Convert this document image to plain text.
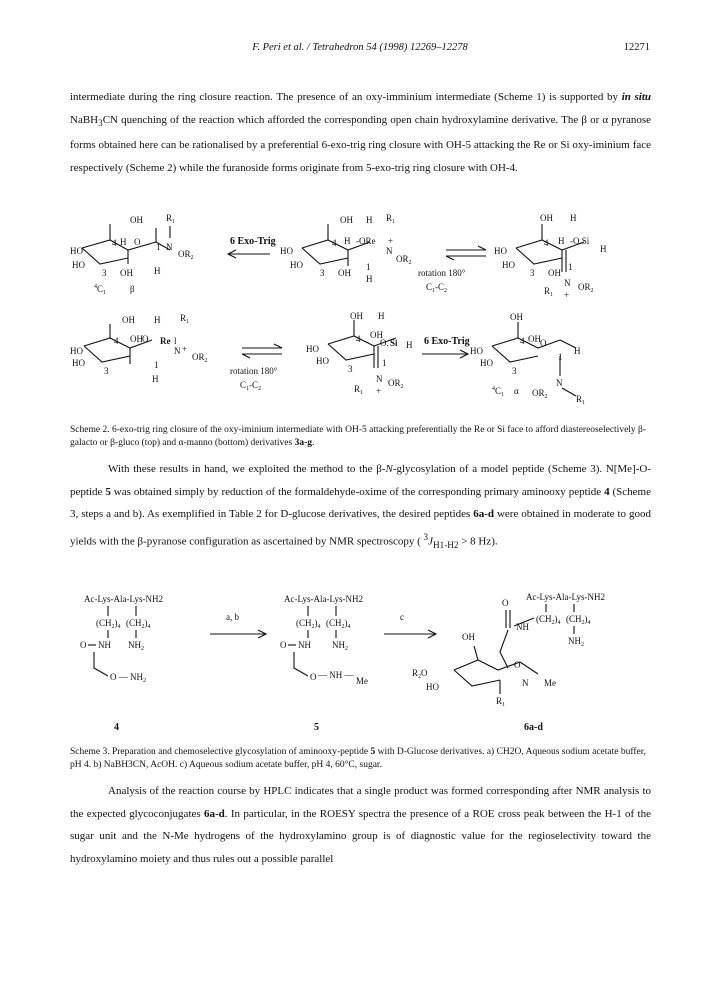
F. Peri et al. / Tetrahedron 54 (1998) 12269–12278	12271

intermediate during the ring closure reaction. The presence of an oxy-imminium intermediate (Scheme 1) is supported by in situ NaBH$_3$CN quenching of the reaction which afforded the corresponding open chain hydroxylamine derivative. The β or α pyranose forms obtained here can be rationalised by a preferential 6-exo-trig ring closure with OH-5 attacking the Re or Si oxy-iminium face respectively (Scheme 2) while the furanoside forms originate from 5-exo-trig ring closure with OH-4.

OH
4 H O
$R_1$
N
1
$OR_2$
HO
HO
3 OH H
$^4C_1$	β
6 Exo-Trig
OH H $R_1$
4 H -ORe +
N
$OR_2$
HO
HO
3 OH
1
H
rotation 180°
$C_1-C_2$
OH H
4 H -O.Si
H
HO
HO
3 OH
1
N $OR_2$
$R_1$ +
OH H $R_1$
4 OH O Re l
N +
$OR_2$
HO
HO
3
1
H
rotation 180°
$C_1-C_2$
OH H
4 OH
O. Si H
HO
HO
3
1
N $OR_2$
$R_1$ +
6 Exo-Trig
OH
4 OH O
H
1
HO
HO
3
$^4C_1$ α $OR_2$
N
$R_1$

Scheme 2. 6-exo-trig ring closure of the oxy-iminium intermediate with OH-5 attacking preferentially the Re or Si face to afford diastereoselectively β-galacto or β-gluco (top) and α-manno (bottom) derivatives 3a-g.

With these results in hand, we exploited the method to the β-N-glycosylation of a model peptide (Scheme 3). N[Me]-O-peptide 5 was obtained simply by reduction of the formaldehyde-oxime of the corresponding primary aminooxy peptide 4 (Scheme 3, steps a and b). As exemplified in Table 2 for D-glucose derivatives, the desired peptides 6a-d were obtained in moderate to good yields with the β-pyranose configuration as ascertained by NMR spectroscopy ( $^3J_{H1-H2} > 8$ Hz).

Ac-Lys-Ala-Lys-NH2
$(CH_2)_4$ $(CH_2)_4$
O NH $NH_2$
O — $NH_2$
4
a, b
Ac-Lys-Ala-Lys-NH2
$(CH_2)_4$ $(CH_2)_4$
O NH $NH_2$
O — NH —
Me
5
c
Ac-Lys-Ala-Lys-NH2
$(CH_2)_4$ $(CH_2)_4$
$NH_2$
O
NH
OH
O
N Me
$R_2O$
HO
$R_1$
6a-d

Scheme 3. Preparation and chemoselective glycosylation of aminooxy-peptide 5 with D-Glucose derivatives. a) CH2O, Aqueous sodium acetate buffer, pH 4. b) NaBH3CN, AcOH. c) Aqueous sodium acetate buffer, pH 4, 60°C, sugar.

Analysis of the reaction course by HPLC indicates that a single product was formed corresponding after NMR analysis to the expected glycoconjugates 6a-d. In particular, in the ROESY spectra the presence of a ROE cross peak between the H-1 of the sugar unit and the N-Me hydrogens of the hydroxylamino group is of diagnostic value for the regioselectivity toward the hydroxylamino moiety and thus rules out a possible parallel
